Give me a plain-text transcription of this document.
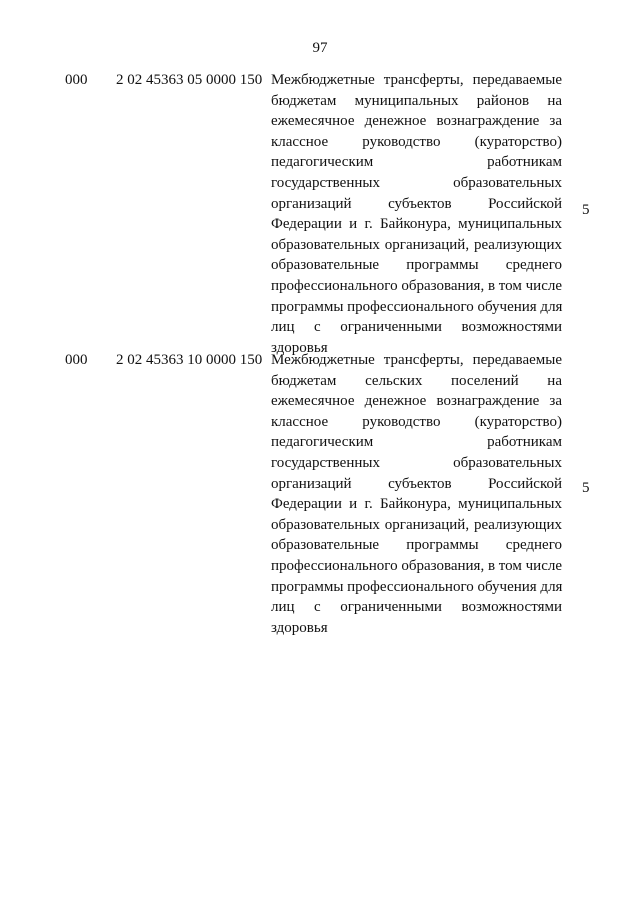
97
000 2 02 45363 05 0000 150 Межбюджетные трансферты, передаваемые
бюджетам муниципальных районов на
ежемесячное денежное вознаграждение за
классное руководство (кураторство)
педагогическим работникам
государственных образовательных
организаций субъектов Российской
Федерации и г. Байконура, муниципальных
образовательных организаций, реализующих
образовательные программы среднего
профессионального образования, в том числе
программы профессионального обучения для
лиц с ограниченными возможностями
здоровья
5
000 2 02 45363 10 0000 150 Межбюджетные трансферты, передаваемые
бюджетам сельских поселений на
ежемесячное денежное вознаграждение за
классное руководство (кураторство)
педагогическим работникам
государственных образовательных
организаций субъектов Российской
Федерации и г. Байконура, муниципальных
образовательных организаций, реализующих
образовательные программы среднего
профессионального образования, в том числе
программы профессионального обучения для
лиц с ограниченными возможностями
здоровья
5
